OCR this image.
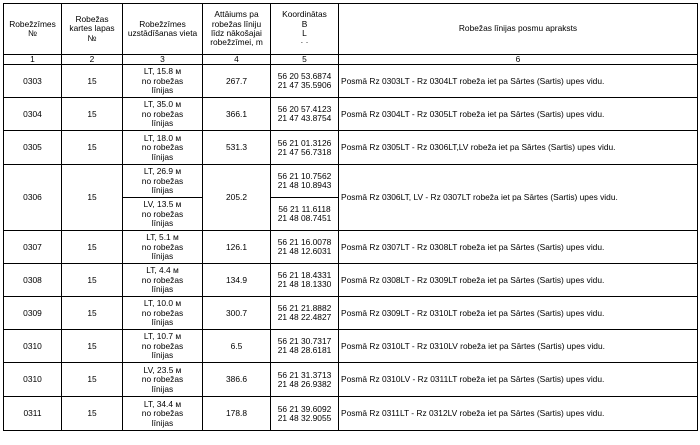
Robežzīmes №	Robežas kartes lapas №	Robežzīmes uzstādīšanas vieta	Attāiums pa robežas līniju līdz nākošajai robežzīmei, m	Koordinātas
B
L
· ·	Robežas līnijas posmu apraksts
1	2	3	4	5	6
0303	15	LT, 15.8 м
no robežas
līnijas	267.7	56 20 53.6874
21 47 35.5906	Posmā Rz 0303LT - Rz 0304LT robeža iet pa Sārtes (Sartis) upes vidu.
0304	15	LT, 35.0 м
no robežas
līnijas	366.1	56 20 57.4123
21 47 43.8754	Posmā Rz 0304LT - Rz 0305LT robeža iet pa Sārtes (Sartis) upes vidu.
0305	15	LT, 18.0 м
no robežas
līnijas	531.3	56 21 01.3126
21 47 56.7318	Posmā Rz 0305LT - Rz 0306LT,LV robeža iet pa Sārtes (Sartis) upes vidu.
0306	15	LT, 26.9 м
no robežas
līnijas	205.2	56 21 10.7562
21 48 10.8943	Posmā Rz 0306LT, LV - Rz 0307LT robeža iet pa Sārtes (Sartis) upes vidu.

		LV, 13.5 м
no robežas
līnijas		56 21 11.6118
21 48 08.7451	

0307	15	LT, 5.1 м
no robežas
līnijas	126.1	56 21 16.0078
21 48 12.6031	Posmā Rz 0307LT - Rz 0308LT robeža iet pa Sārtes (Sartis) upes vidu.
0308	15	LT, 4.4 м
no robežas
līnijas	134.9	56 21 18.4331
21 48 18.1330	Posmā Rz 0308LT - Rz 0309LT robeža iet pa Sārtes (Sartis) upes vidu.
0309	15	LT, 10.0 м
no robežas
līnijas	300.7	56 21 21.8882
21 48 22.4827	Posmā Rz 0309LT - Rz 0310LT robeža iet pa Sārtes (Sartis) upes vidu.
0310	15	LT, 10.7 м
no robežas
līnijas	6.5	56 21 30.7317
21 48 28.6181	Posmā Rz 0310LT - Rz 0310LV robeža iet pa Sārtes (Sartis) upes vidu.
0310	15	LV, 23.5 м
no robežas
līnijas	386.6	56 21 31.3713
21 48 26.9382	Posmā Rz 0310LV - Rz 0311LT robeža iet pa Sārtes (Sartis) upes vidu.
0311	15	LT, 34.4 м
no robežas
līnijas	178.8	56 21 39.6092
21 48 32.9055	Posmā Rz 0311LT - Rz 0312LV robeža iet pa Sārtes (Sartis) upes vidu.
